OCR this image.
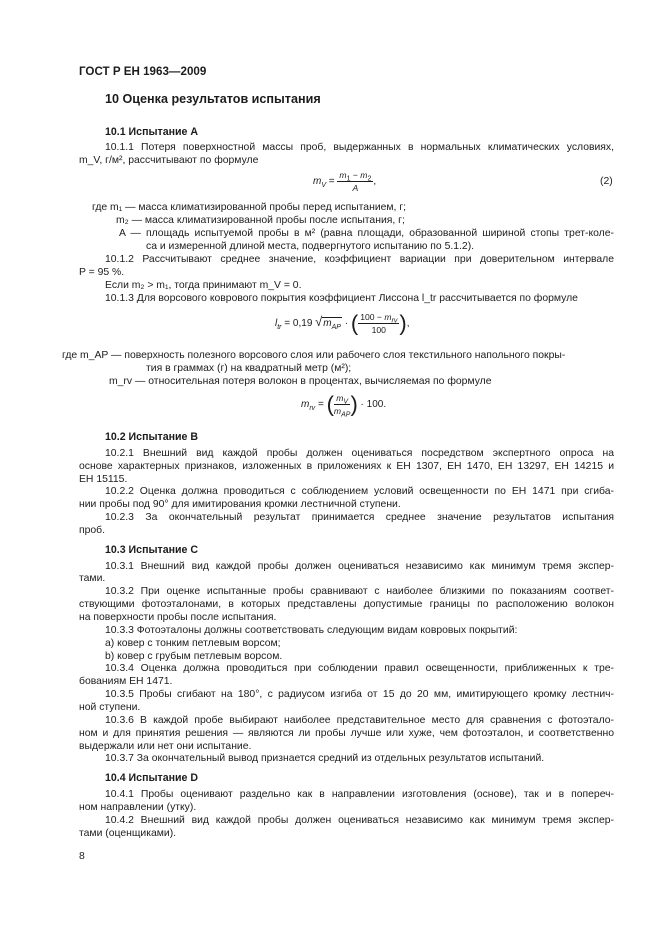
ГОСТ Р ЕН 1963—2009
10 Оценка результатов испытания
10.1 Испытание A
10.1.1 Потеря поверхностной массы проб, выдержанных в нормальных климатических условиях,
m_V, г/м², рассчитывают по формуле
$m_V = \frac{m_1 - m_2}{A}$ ,	(2)
где m₁ — масса климатизированной пробы перед испытанием, г;
m₂ — масса климатизированной пробы после испытания, г;
A — площадь испытуемой пробы в м² (равна площади, образованной шириной стопы трет-коле-
са и измеренной длиной места, подвергнутого испытанию по 5.1.2).
10.1.2 Рассчитывают среднее значение, коэффициент вариации при доверительном интервале
P = 95 %.
Если m₂ > m₁, тогда принимают m_V = 0.
10.1.3 Для ворсового коврового покрытия коэффициент Лиссона l_tr рассчитывается по формуле
$l_{tr} = 0,19$ $√m_{AP}$ · ( $\frac{100 - m_{rv}}{100}$ ),
где m_AP — поверхность полезного ворсового слоя или рабочего слоя текстильного напольного покры-
тия в граммах (г) на квадратный метр (м²);
m_rv — относительная потеря волокон в процентах, вычисляемая по формуле
$m_{rv}$ = ( $\frac{m_V}{m_{AP}}$ ) · 100.
10.2 Испытание B
10.2.1 Внешний вид каждой пробы должен оцениваться посредством экспертного опроса на
основе характерных признаков, изложенных в приложениях к ЕН 1307, ЕН 1470, ЕН 13297, ЕН 14215 и
ЕН 15115.
10.2.2 Оценка должна проводиться с соблюдением условий освещенности по ЕН 1471 при сгиба-
нии пробы под 90° для имитирования кромки лестничной ступени.
10.2.3 За окончательный результат принимается среднее значение результатов испытания
проб.
10.3 Испытание C
10.3.1 Внешний вид каждой пробы должен оцениваться независимо как минимум тремя экспер-
тами.
10.3.2 При оценке испытанные пробы сравнивают с наиболее близкими по показаниям соответ-
ствующими фотоэталонами, в которых представлены допустимые границы по расположению волокон
на поверхности пробы после испытания.
10.3.3 Фотоэталоны должны соответствовать следующим видам ковровых покрытий:
a) ковер с тонким петлевым ворсом;
b) ковер с грубым петлевым ворсом.
10.3.4 Оценка должна проводиться при соблюдении правил освещенности, приближенных к тре-
бованиям ЕН 1471.
10.3.5 Пробы сгибают на 180°, с радиусом изгиба от 15 до 20 мм, имитирующего кромку лестнич-
ной ступени.
10.3.6 В каждой пробе выбирают наиболее представительное место для сравнения с фотоэтало-
ном и для принятия решения — являются ли пробы лучше или хуже, чем фотоэталон, и соответственно
выдержали или нет они испытание.
10.3.7 За окончательный вывод признается средний из отдельных результатов испытаний.
10.4 Испытание D
10.4.1 Пробы оценивают раздельно как в направлении изготовления (основе), так и в попереч-
ном направлении (утку).
10.4.2 Внешний вид каждой пробы должен оцениваться независимо как минимум тремя экспер-
тами (оценщиками).
8
